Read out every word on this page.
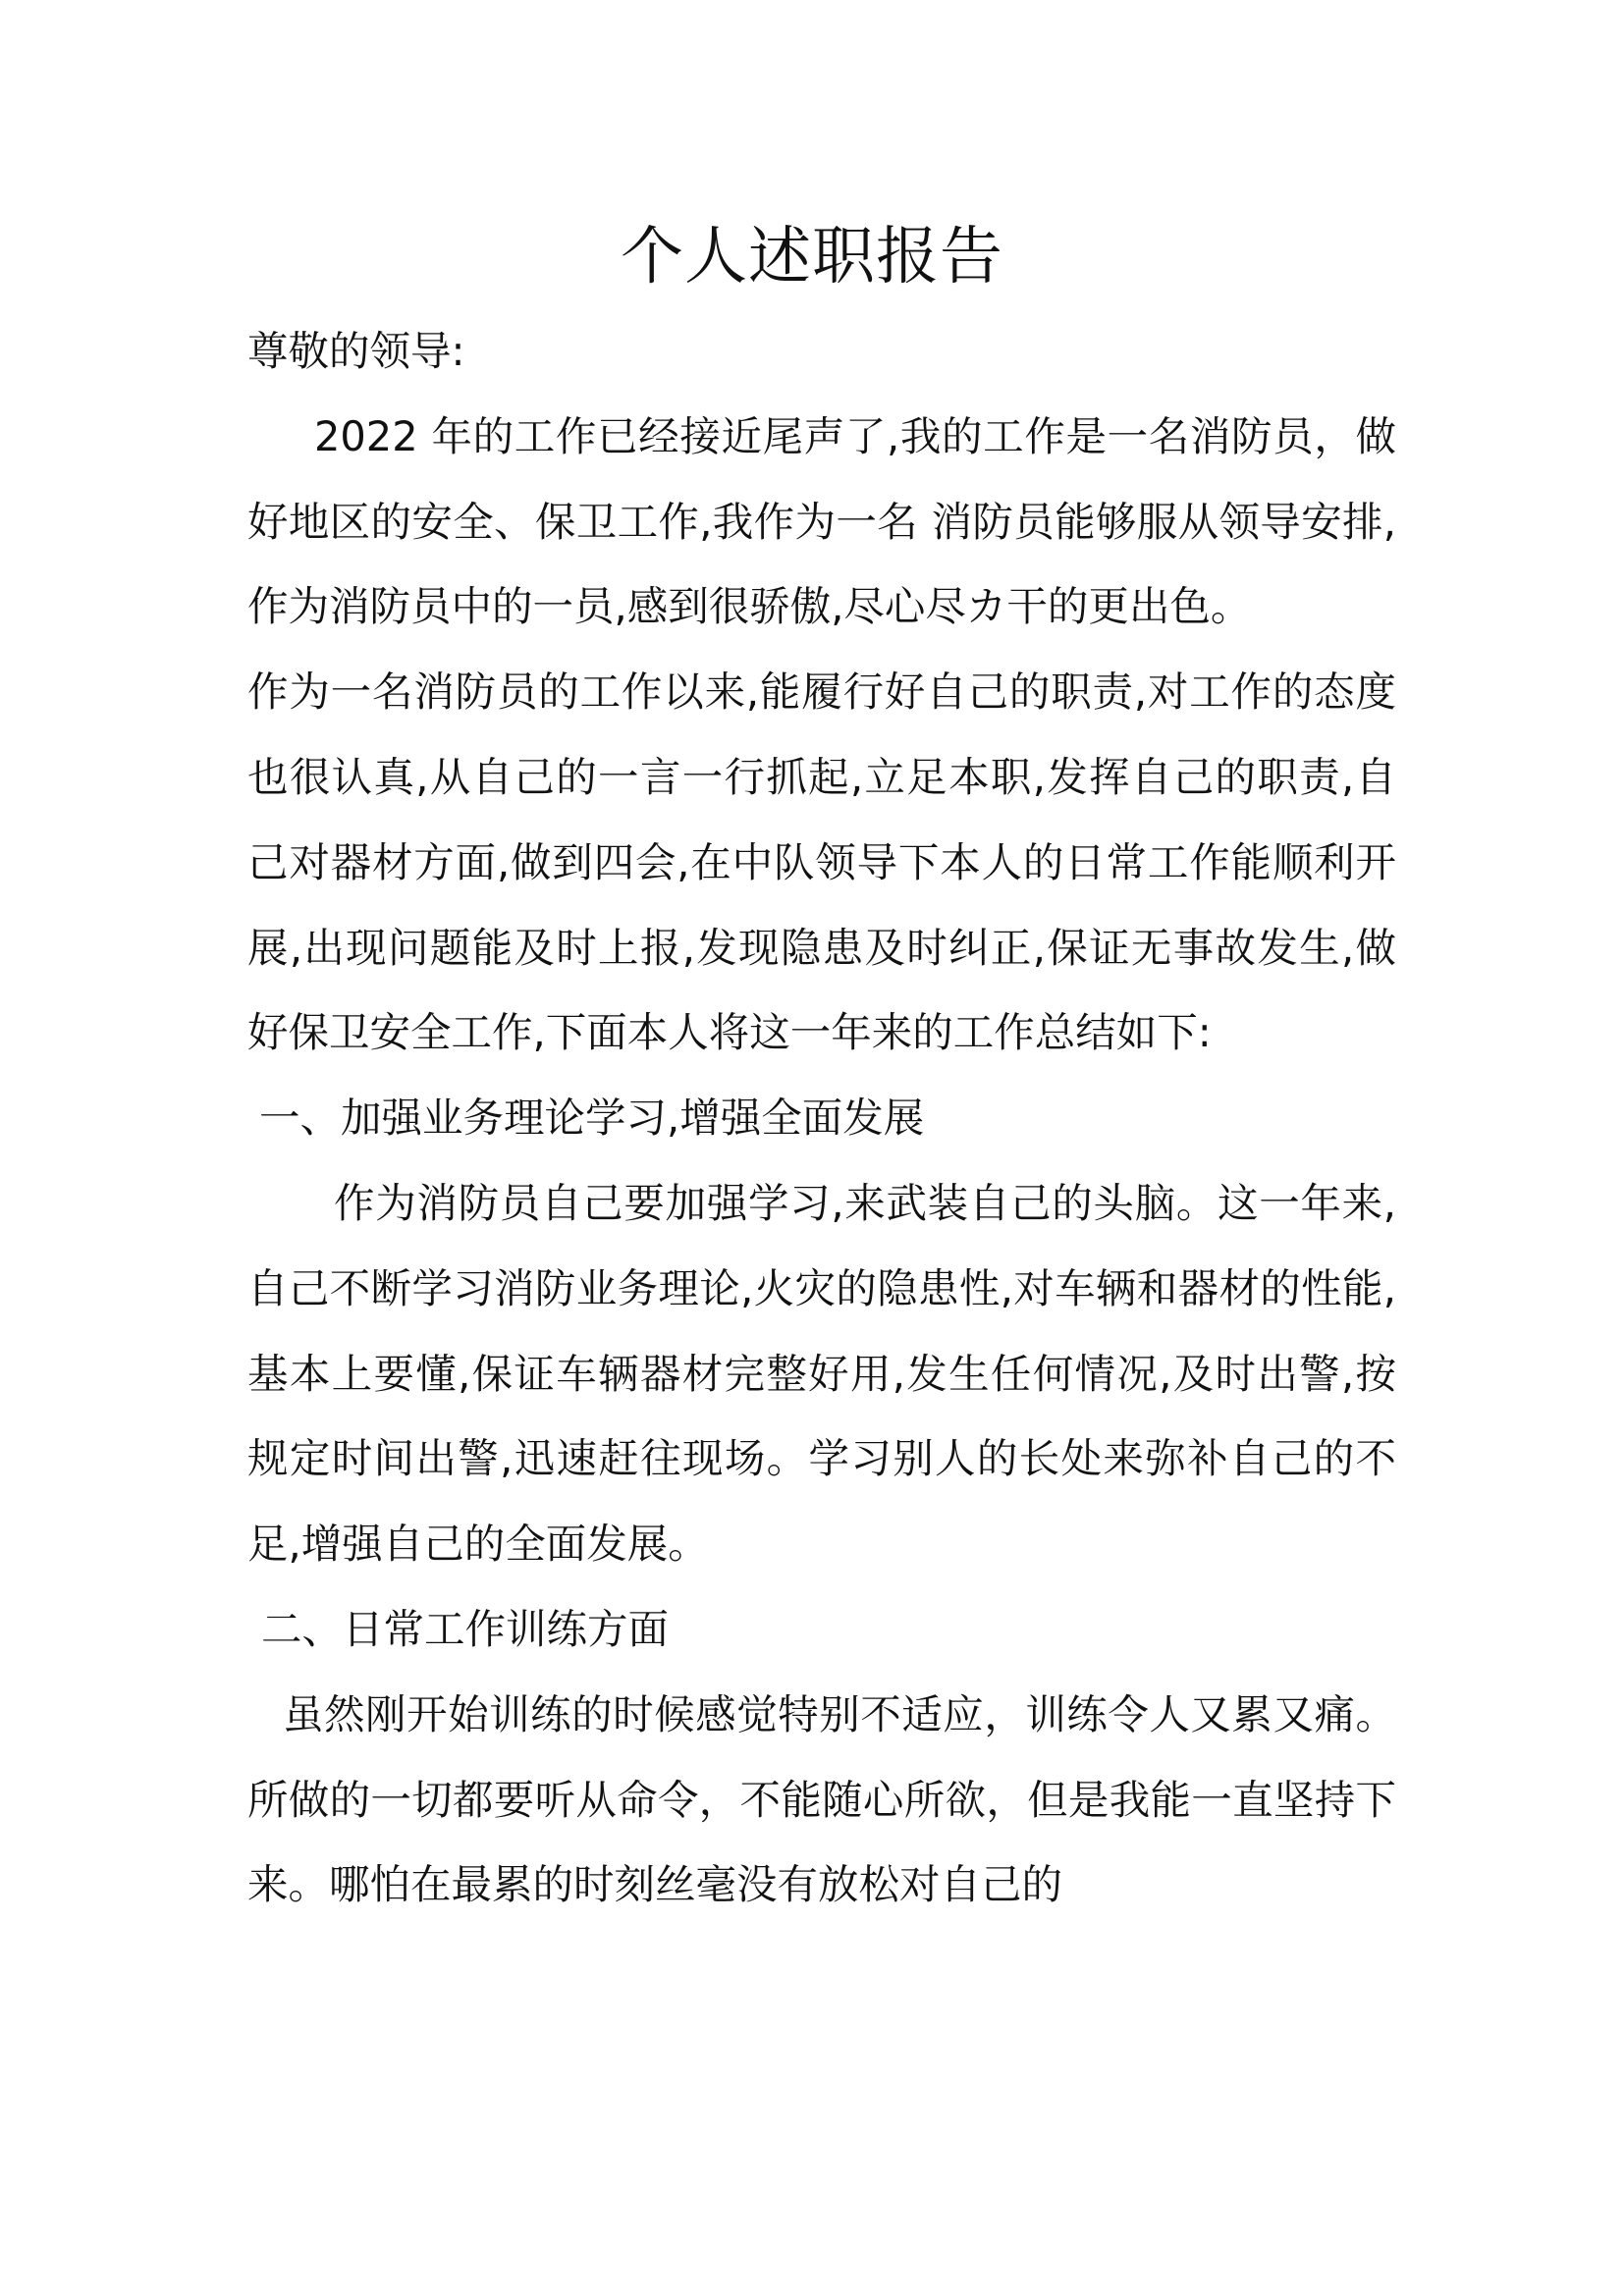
个人述职报告

尊敬的领导:

2022 年的工作已经接近尾声了,我的工作是一名消防员，做好地区的安全、保卫工作,我作为一名 消防员能够服从领导安排,作为消防员中的一员,感到很骄傲,尽心尽カ干的更出色。

作为一名消防员的工作以来,能履行好自己的职责,对工作的态度也很认真,从自己的一言一行抓起,立足本职,发挥自己的职责,自己对器材方面,做到四会,在中队领导下本人的日常工作能顺利开展,出现问题能及时上报,发现隐患及时纠正,保证无事故发生,做好保卫安全工作,下面本人将这一年来的工作总结如下:

一、加强业务理论学习,增强全面发展

作为消防员自己要加强学习,来武装自己的头脑。这一年来,自己不断学习消防业务理论,火灾的隐患性,对车辆和器材的性能,基本上要懂,保证车辆器材完整好用,发生任何情况,及时出警,按规定时间出警,迅速赶往现场。学习别人的长处来弥补自己的不足,增强自己的全面发展。

二、日常工作训练方面

虽然刚开始训练的时候感觉特别不适应，训练令人又累又痛。所做的一切都要听从命令，不能随心所欲，但是我能一直坚持下来。哪怕在最累的时刻丝毫没有放松对自己的
